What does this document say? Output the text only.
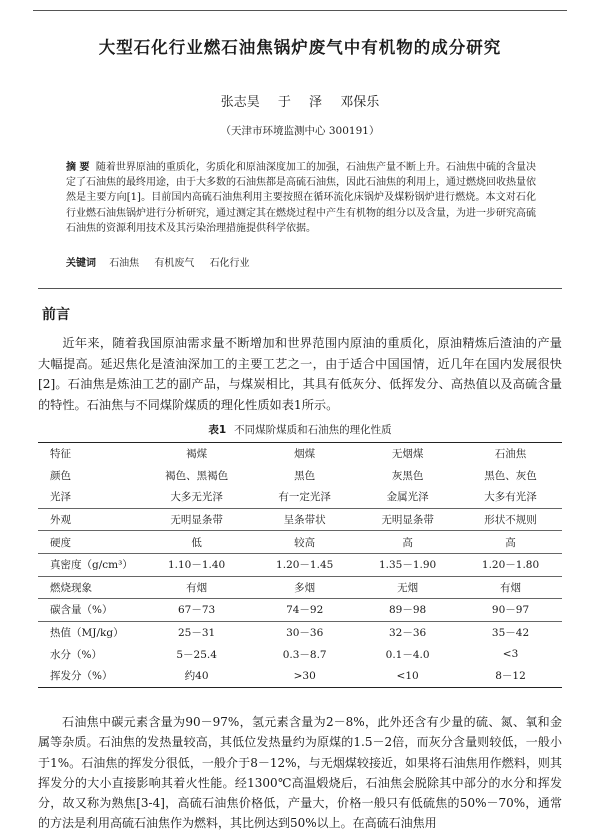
大型石化行业燃石油焦锅炉废气中有机物的成分研究
张志昊 于 泽 邓保乐
（天津市环境监测中心 300191）
摘 要 随着世界原油的重质化，劣质化和原油深度加工的加强，石油焦产量不断上升。石油焦中硫的含量决定了石油焦的最终用途，由于大多数的石油焦都是高硫石油焦，因此石油焦的利用上，通过燃烧回收热量依然是主要方向[1]。目前国内高硫石油焦利用主要按照在循环流化床锅炉及煤粉锅炉进行燃烧。本文对石化行业燃石油焦锅炉进行分析研究，通过测定其在燃烧过程中产生有机物的组分以及含量，为进一步研究高硫石油焦的资源利用技术及其污染治理措施提供科学依据。
关键词 石油焦 有机废气 石化行业
前言
近年来，随着我国原油需求量不断增加和世界范围内原油的重质化，原油精炼后渣油的产量大幅提高。延迟焦化是渣油深加工的主要工艺之一，由于适合中国国情，近几年在国内发展很快[2]。石油焦是炼油工艺的副产品，与煤炭相比，其具有低灰分、低挥发分、高热值以及高硫含量的特性。石油焦与不同煤阶煤质的理化性质如表1所示。
表1 不同煤阶煤质和石油焦的理化性质
特征	褐煤	烟煤	无烟煤	石油焦
颜色	褐色、黑褐色	黑色	灰黑色	黑色、灰色
光泽	大多无光泽	有一定光泽	金属光泽	大多有光泽
外观	无明显条带	呈条带状	无明显条带	形状不规则
硬度	低	较高	高	高
真密度（g/cm³）	1.10－1.40	1.20－1.45	1.35－1.90	1.20－1.80
燃烧现象	有烟	多烟	无烟	有烟
碳含量（%）	67－73	74－92	89－98	90－97
热值（MJ/kg）	25－31	30－36	32－36	35－42
水分（%）	5－25.4	0.3－8.7	0.1－4.0	<3
挥发分（%）	约40	>30	<10	8－12
石油焦中碳元素含量为90－97%，氢元素含量为2－8%，此外还含有少量的硫、氮、氧和金属等杂质。石油焦的发热量较高，其低位发热量约为原煤的1.5－2倍，而灰分含量则较低，一般小于1%。石油焦的挥发分很低，一般介于8－12%，与无烟煤较接近，如果将石油焦用作燃料，则其挥发分的大小直接影响其着火性能。经1300℃高温煅烧后，石油焦会脱除其中部分的水分和挥发分，故又称为熟焦[3-4]，高硫石油焦价格低，产量大，价格一般只有低硫焦的50%－70%，通常的方法是利用高硫石油焦作为燃料，其比例达到50%以上。在高硫石油焦用
